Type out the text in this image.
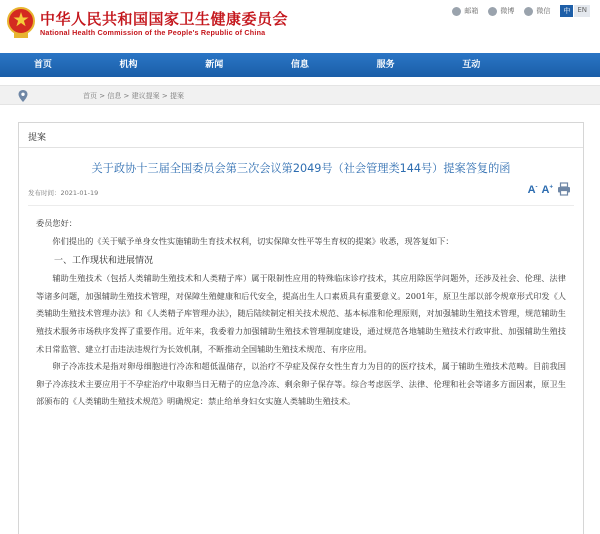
中华人民共和国国家卫生健康委员会
National Health Commission of the People's Republic of China
邮箱	微博	微信	中	EN
首页	机构	新闻	信息	服务	互动
首页 > 信息 > 建议提案 > 提案
提案
关于政协十三届全国委员会第三次会议第2049号（社会管理类144号）提案答复的函
发布时间：2021-01-19	A- A+
委员您好：
你们提出的《关于赋予单身女性实施辅助生育技术权利，切实保障女性平等生育权的提案》收悉，现答复如下：
一、工作现状和进展情况
辅助生殖技术（包括人类辅助生殖技术和人类精子库）属于限制性应用的特殊临床诊疗技术，其应用除医学问题外，还涉及社会、伦理、法律等诸多问题，加强辅助生殖技术管理，对保障生殖健康和后代安全，提高出生人口素质具有重要意义。2001年，原卫生部以部令规章形式印发《人类辅助生殖技术管理办法》和《人类精子库管理办法》，随后陆续制定相关技术规范、基本标准和伦理原则，对加强辅助生殖技术管理，规范辅助生殖技术服务市场秩序发挥了重要作用。近年来，我委着力加强辅助生殖技术管理制度建设，通过规范各地辅助生殖技术行政审批、加强辅助生殖技术日常监管、建立打击违法违规行为长效机制，不断推动全国辅助生殖技术规范、有序应用。
卵子冷冻技术是指对卵母细胞进行冷冻和超低温储存，以治疗不孕症及保存女性生育力为目的的医疗技术，属于辅助生殖技术范畴。目前我国卵子冷冻技术主要应用于不孕症治疗中取卵当日无精子的应急冷冻、剩余卵子保存等。综合考虑医学、法律、伦理和社会等诸多方面因素，原卫生部颁布的《人类辅助生殖技术规范》明确规定：禁止给单身妇女实施人类辅助生殖技术。
